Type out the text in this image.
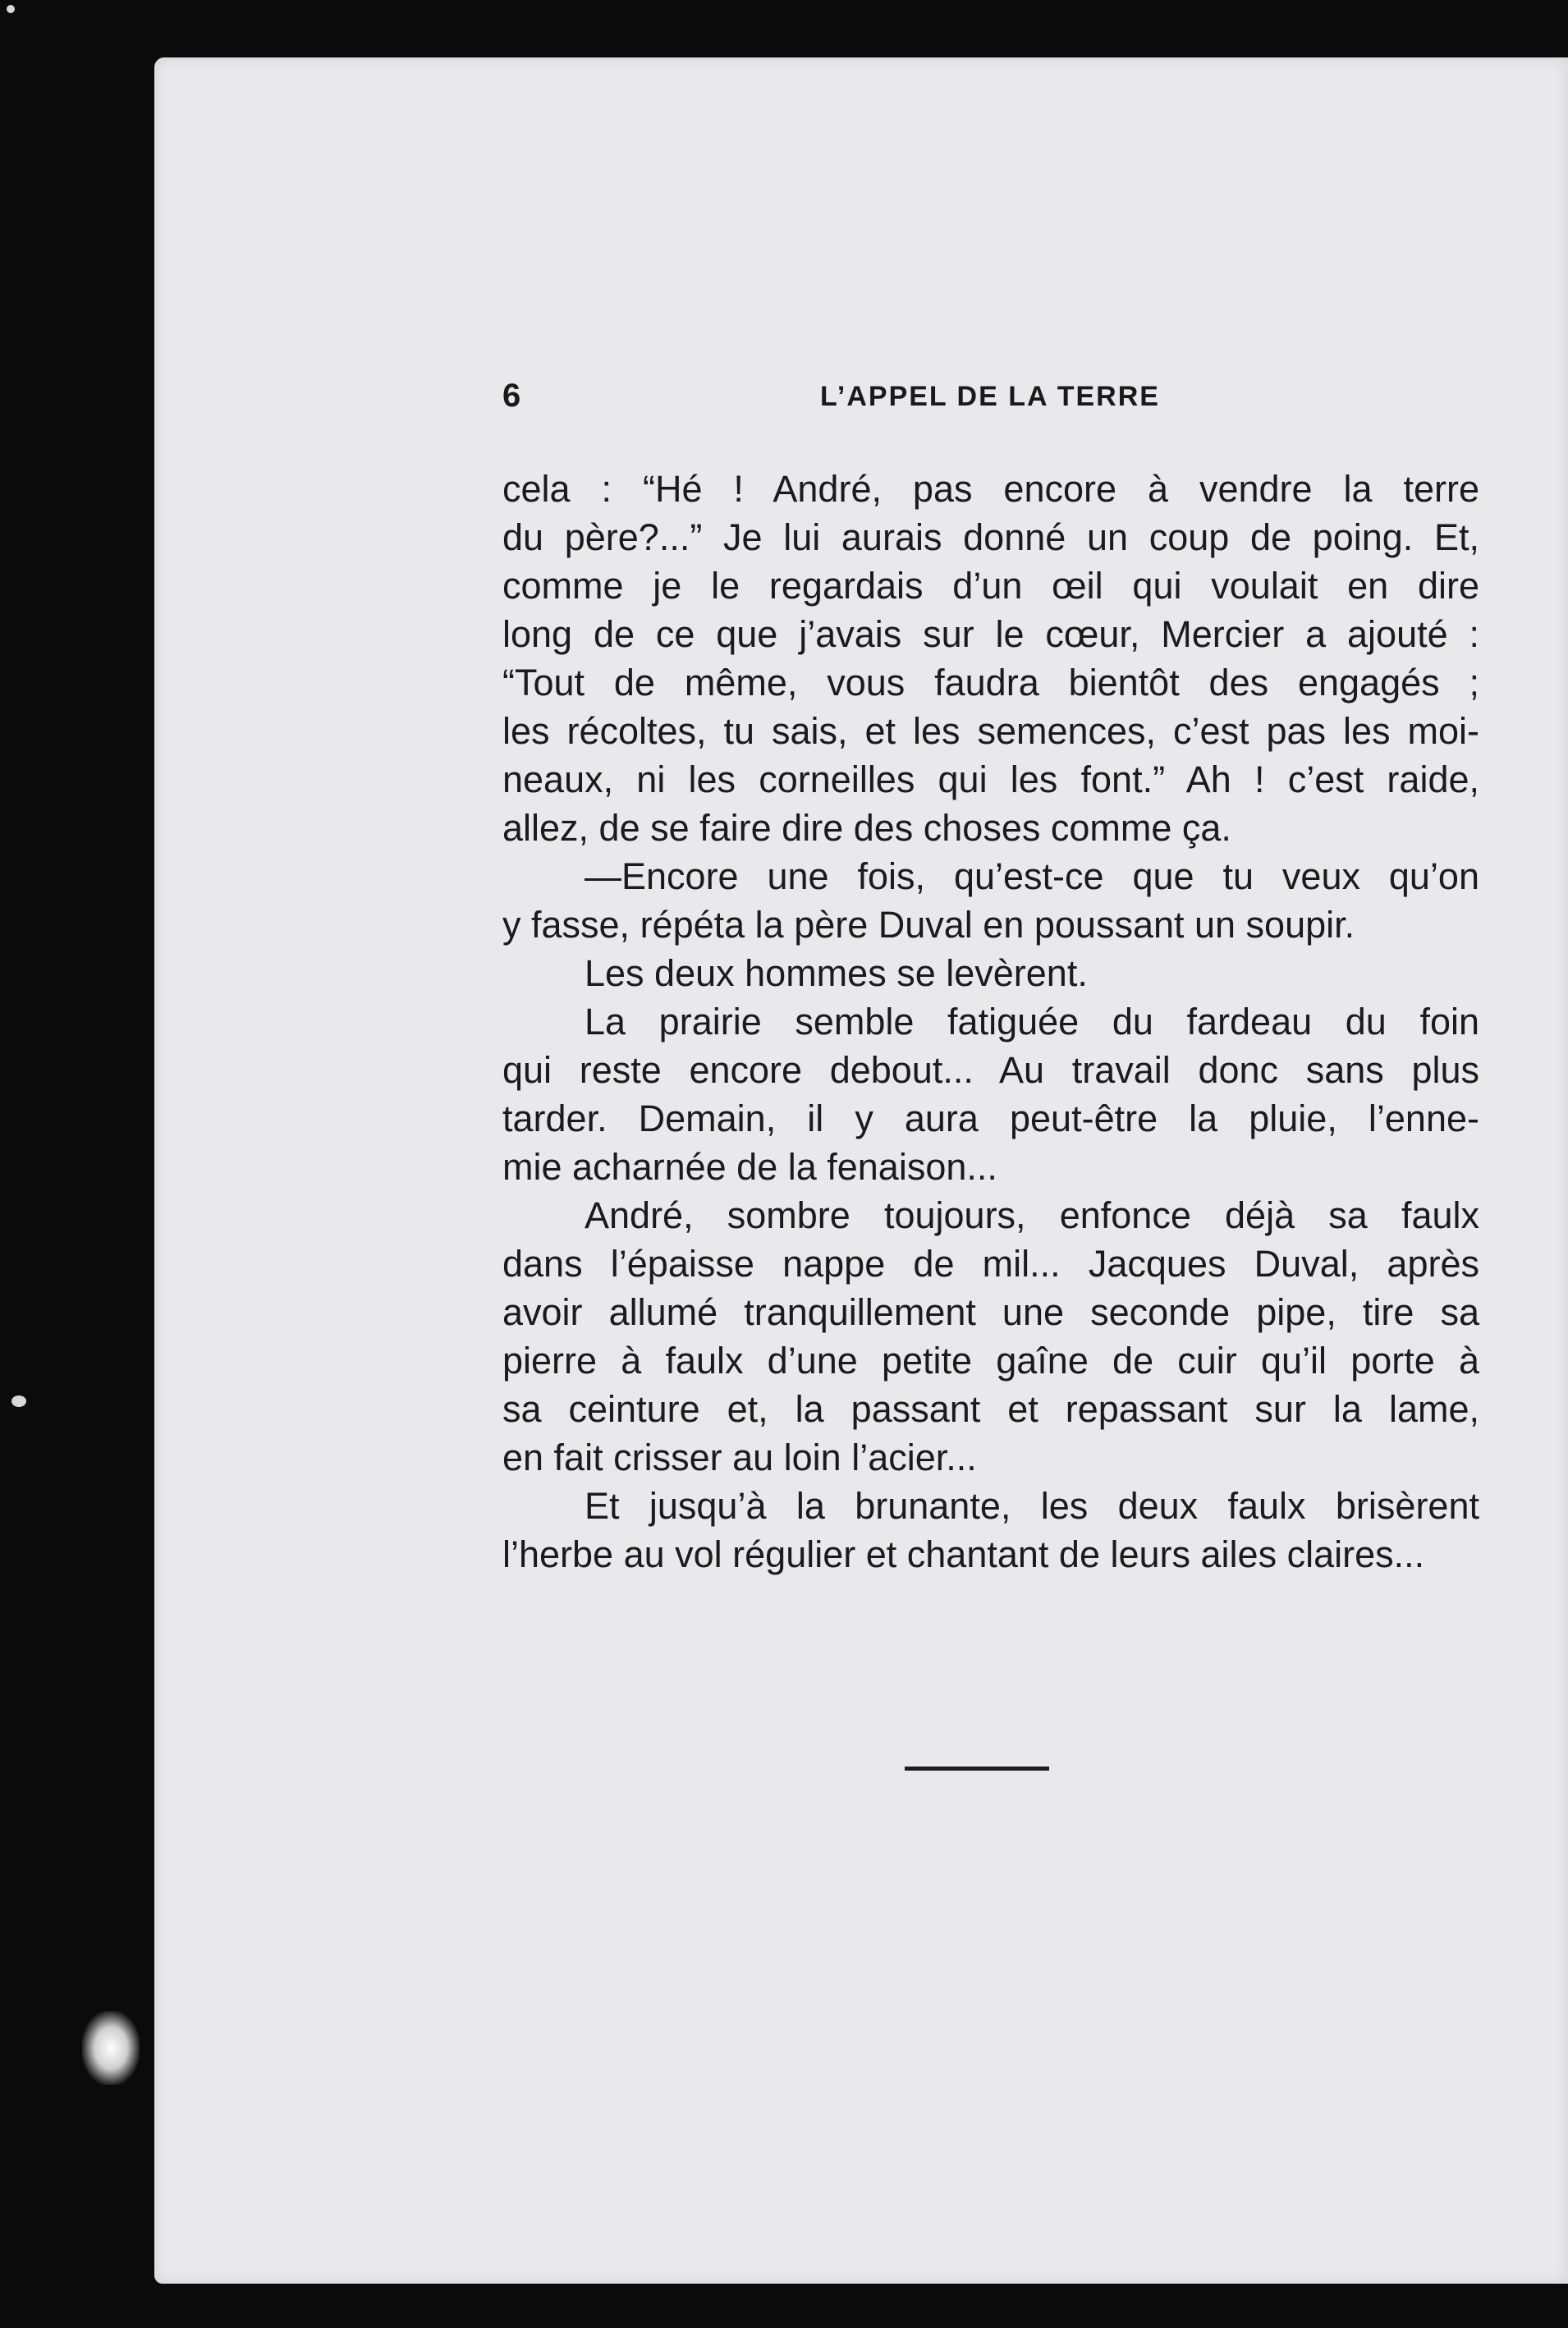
6	L’APPEL DE LA TERRE
cela : “Hé ! André, pas encore à vendre la terre
du père?...” Je lui aurais donné un coup de poing. Et,
comme je le regardais d’un œil qui voulait en dire
long de ce que j’avais sur le cœur, Mercier a ajouté :
“Tout de même, vous faudra bientôt des engagés ;
les récoltes, tu sais, et les semences, c’est pas les moi-
neaux, ni les corneilles qui les font.” Ah ! c’est raide,
allez, de se faire dire des choses comme ça.
—Encore une fois, qu’est-ce que tu veux qu’on
y fasse, répéta la père Duval en poussant un soupir.
Les deux hommes se levèrent.
La prairie semble fatiguée du fardeau du foin
qui reste encore debout... Au travail donc sans plus
tarder. Demain, il y aura peut-être la pluie, l’enne-
mie acharnée de la fenaison...
André, sombre toujours, enfonce déjà sa faulx
dans l’épaisse nappe de mil... Jacques Duval, après
avoir allumé tranquillement une seconde pipe, tire sa
pierre à faulx d’une petite gaîne de cuir qu’il porte à
sa ceinture et, la passant et repassant sur la lame,
en fait crisser au loin l’acier...
Et jusqu’à la brunante, les deux faulx brisèrent
l’herbe au vol régulier et chantant de leurs ailes claires...
